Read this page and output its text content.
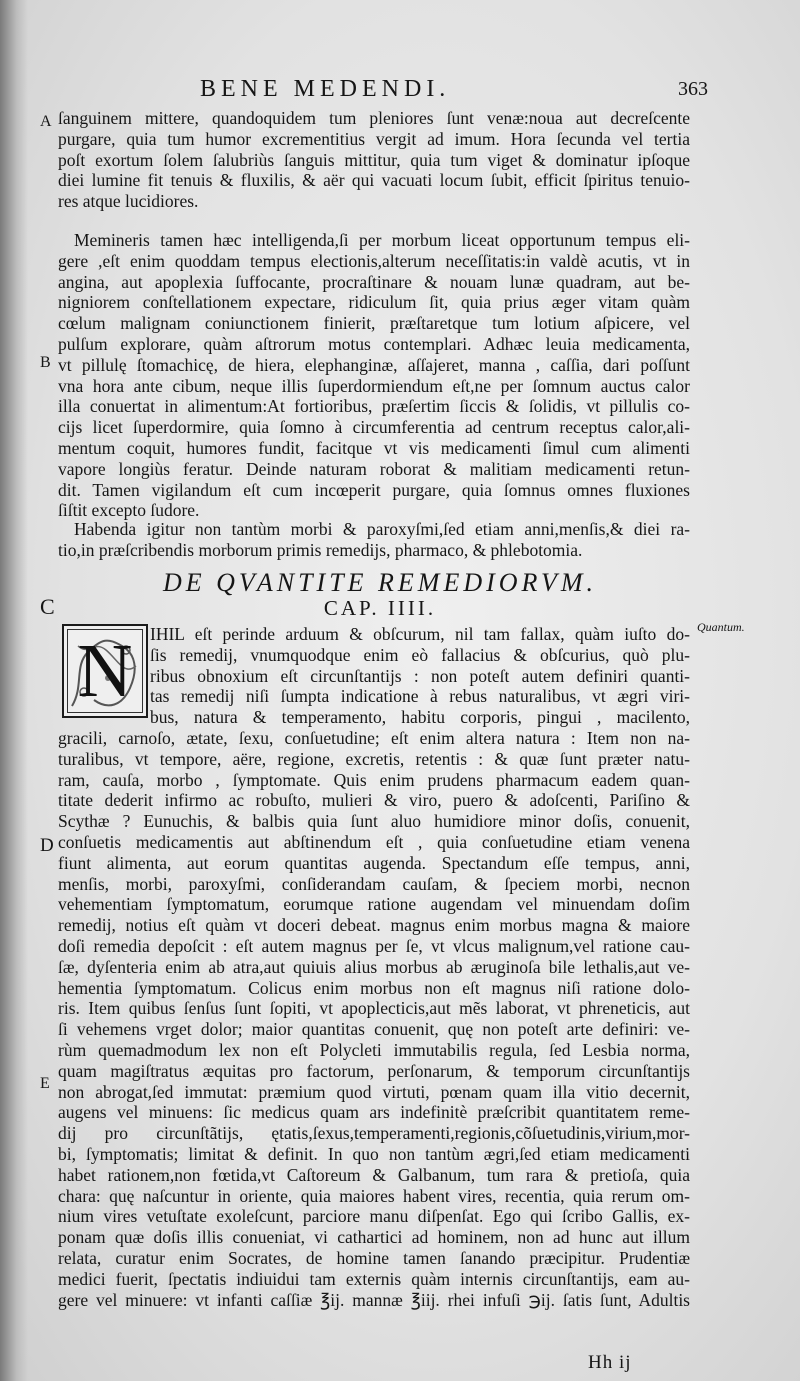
BENE MEDENDI.	363
A
B
C
D
E
ſanguinem mittere, quandoquidem tum pleniores ſunt venæ:noua aut decreſcente
purgare, quia tum humor excrementitius vergit ad imum. Hora ſecunda vel tertia
poſt exortum ſolem ſalubriùs ſanguis mittitur, quia tum viget & dominatur ipſoque
diei lumine fit tenuis & fluxilis, & aër qui vacuati locum ſubit, efficit ſpiritus tenuio-
res atque lucidiores.
Memineris tamen hæc intelligenda,ſi per morbum liceat opportunum tempus eli-
gere ,eſt enim quoddam tempus electionis,alterum neceſſitatis:in valdè acutis, vt in
angina, aut apoplexia ſuffocante, procraſtinare & nouam lunæ quadram, aut be-
nigniorem conſtellationem expectare, ridiculum ſit, quia prius æger vitam quàm
cœlum malignam coniunctionem finierit, præſtaretque tum lotium aſpicere, vel
pulſum explorare, quàm aſtrorum motus contemplari. Adhæc leuia medicamenta,
vt pillulę ſtomachicę, de hiera, elephanginæ, aſſajeret, manna , caſſia, dari poſſunt
vna hora ante cibum, neque illis ſuperdormiendum eſt,ne per ſomnum auctus calor
illa conuertat in alimentum:At fortioribus, præſertim ſiccis & ſolidis, vt pillulis co-
cijs licet ſuperdormire, quia ſomno à circumferentia ad centrum receptus calor,ali-
mentum coquit, humores fundit, facitque vt vis medicamenti ſimul cum alimenti
vapore longiùs feratur. Deinde naturam roborat & malitiam medicamenti retun-
dit. Tamen vigilandum eſt cum incœperit purgare, quia ſomnus omnes fluxiones
ſiſtit excepto ſudore.
Habenda igitur non tantùm morbi & paroxyſmi,ſed etiam anni,menſis,& diei ra-
tio,in præſcribendis morborum primis remedijs, pharmaco, & phlebotomia.
DE QVANTITE REMEDIORVM.
CAP. IIII.
Quantum.
N	IHIL eſt perinde arduum & obſcurum, nil tam fallax, quàm iuſto do-
ſis remedij, vnumquodque enim eò fallacius & obſcurius, quò plu-
ribus obnoxium eſt circunſtantijs : non poteſt autem definiri quanti-
tas remedij niſi ſumpta indicatione à rebus naturalibus, vt ægri viri-
bus, natura & temperamento, habitu corporis, pingui , macilento,
gracili, carnoſo, ætate, ſexu, conſuetudine; eſt enim altera natura : Item non na-
turalibus, vt tempore, aëre, regione, excretis, retentis : & quæ ſunt præter natu-
ram, cauſa, morbo , ſymptomate. Quis enim prudens pharmacum eadem quan-
titate dederit infirmo ac robuſto, mulieri & viro, puero & adoſcenti, Pariſino &
Scythæ ? Eunuchis, & balbis quia ſunt aluo humidiore minor doſis, conuenit,
conſuetis medicamentis aut abſtinendum eſt , quia conſuetudine etiam venena
fiunt alimenta, aut eorum quantitas augenda. Spectandum eſſe tempus, anni,
menſis, morbi, paroxyſmi, conſiderandam cauſam, & ſpeciem morbi, necnon
vehementiam ſymptomatum, eorumque ratione augendam vel minuendam doſim
remedij, notius eſt quàm vt doceri debeat. magnus enim morbus magna & maiore
doſi remedia depoſcit : eſt autem magnus per ſe, vt vlcus malignum,vel ratione cau-
ſæ, dyſenteria enim ab atra,aut quiuis alius morbus ab æruginoſa bile lethalis,aut ve-
hementia ſymptomatum. Colicus enim morbus non eſt magnus niſi ratione dolo-
ris. Item quibus ſenſus ſunt ſopiti, vt apoplecticis,aut mẽs laborat, vt phreneticis, aut
ſi vehemens vrget dolor; maior quantitas conuenit, quę non poteſt arte definiri: ve-
rùm quemadmodum lex non eſt Polycleti immutabilis regula, ſed Lesbia norma,
quam magiſtratus æquitas pro factorum, perſonarum, & temporum circunſtantijs
non abrogat,ſed immutat: præmium quod virtuti, pœnam quam illa vitio decernit,
augens vel minuens: ſic medicus quam ars indefinitè præſcribit quantitatem reme-
dij pro circunſtãtijs, ętatis,ſexus,temperamenti,regionis,cõſuetudinis,virium,mor-
bi, ſymptomatis; limitat & definit. In quo non tantùm ægri,ſed etiam medicamenti
habet rationem,non fœtida,vt Caſtoreum & Galbanum, tum rara & pretioſa, quia
chara: quę naſcuntur in oriente, quia maiores habent vires, recentia, quia rerum om-
nium vires vetuſtate exoleſcunt, parciore manu diſpenſat. Ego qui ſcribo Gallis, ex-
ponam quæ doſis illis conueniat, vi cathartici ad hominem, non ad hunc aut illum
relata, curatur enim Socrates, de homine tamen ſanando præcipitur. Prudentiæ
medici fuerit, ſpectatis indiuidui tam externis quàm internis circunſtantijs, eam au-
gere vel minuere: vt infanti caſſiæ ℥ij. mannæ ℥iij. rhei infuſi ℈ij. ſatis ſunt, Adultis
Hh ij
